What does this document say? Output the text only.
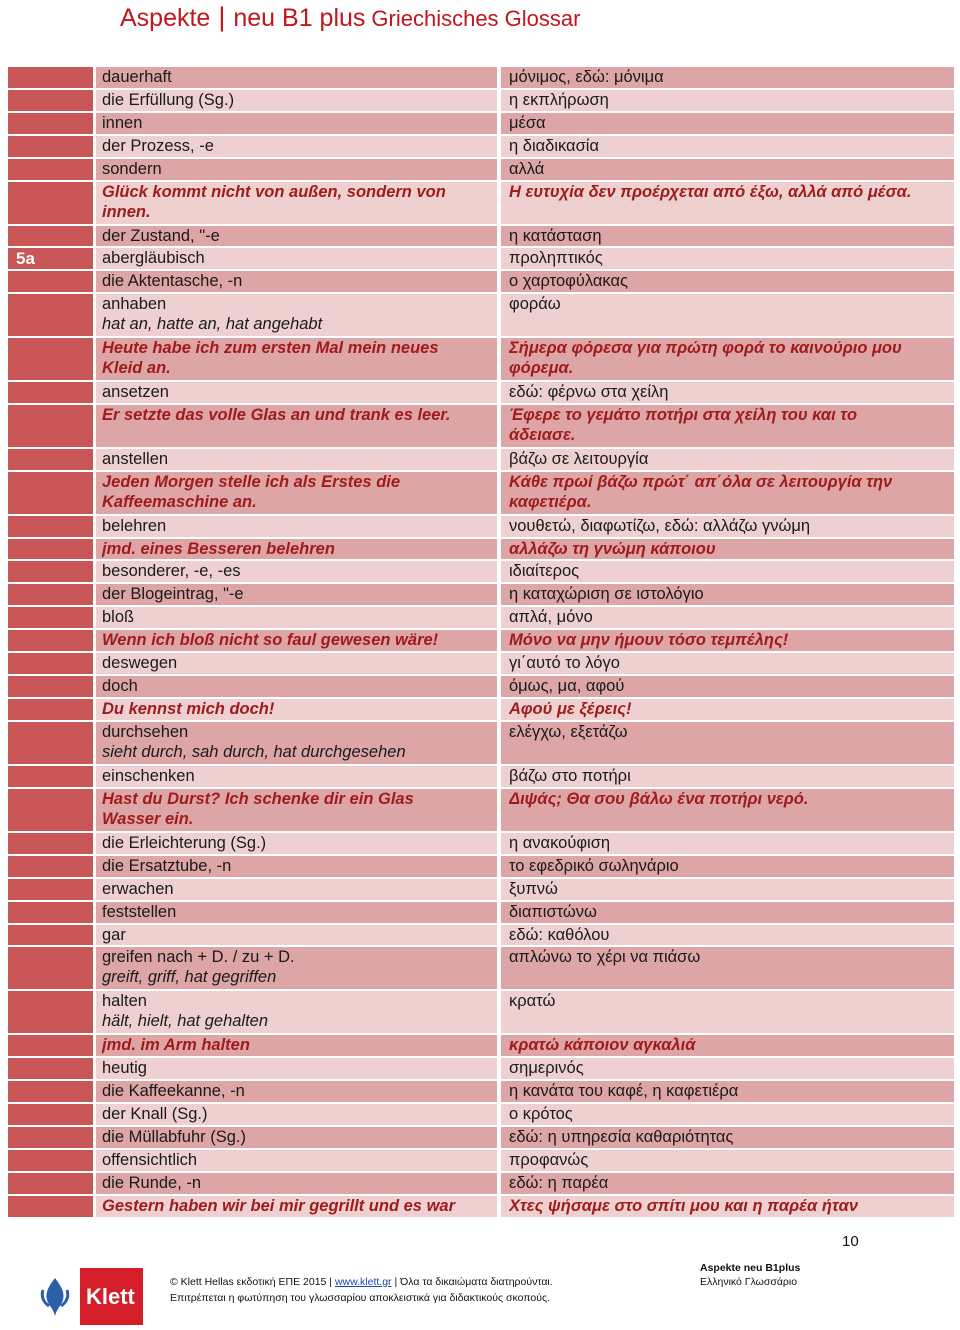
Aspekte | neu B1 plus Griechisches Glossar

	dauerhaft	μόνιμος, εδώ: μόνιμα

	die Erfüllung (Sg.)	η εκπλήρωση

	innen	μέσα

	der Prozess, -e	η διαδικασία

	sondern	αλλά

	Glück kommt nicht von außen, sondern von
innen.	Η ευτυχία δεν προέρχεται από έξω, αλλά από μέσα.

	der Zustand, "-e	η κατάσταση

5a	abergläubisch	προληπτικός

	die Aktentasche, -n	ο χαρτοφύλακας

	anhaben
hat an, hatte an, hat angehabt	φοράω

	Heute habe ich zum ersten Mal mein neues
Kleid an.	Σήμερα φόρεσα για πρώτη φορά το καινούριο μου
φόρεμα.

	ansetzen	εδώ: φέρνω στα χείλη

	Er setzte das volle Glas an und trank es leer.	Έφερε το γεμάτο ποτήρι στα χείλη του και το
άδειασε.

	anstellen	βάζω σε λειτουργία

	Jeden Morgen stelle ich als Erstes die
Kaffeemaschine an.	Κάθε πρωί βάζω πρώτ΄ απ΄όλα σε λειτουργία την
καφετιέρα.

	belehren	νουθετώ, διαφωτίζω, εδώ: αλλάζω γνώμη

	jmd. eines Besseren belehren	αλλάζω τη γνώμη κάποιου

	besonderer, -e, -es	ιδιαίτερος

	der Blogeintrag, "-e	η καταχώριση σε ιστολόγιο

	bloß	απλά, μόνο

	Wenn ich bloß nicht so faul gewesen wäre!	Μόνο να μην ήμουν τόσο τεμπέλης!

	deswegen	γι΄αυτό το λόγο

	doch	όμως, μα, αφού

	Du kennst mich doch!	Αφού με ξέρεις!

	durchsehen
sieht durch, sah durch, hat durchgesehen	ελέγχω, εξετάζω

	einschenken	βάζω στο ποτήρι

	Hast du Durst? Ich schenke dir ein Glas
Wasser ein.	Διψάς; Θα σου βάλω ένα ποτήρι νερό.

	die Erleichterung (Sg.)	η ανακούφιση

	die Ersatztube, -n	το εφεδρικό σωληνάριο

	erwachen	ξυπνώ

	feststellen	διαπιστώνω

	gar	εδώ: καθόλου

	greifen nach + D. / zu + D.
greift, griff, hat gegriffen	απλώνω το χέρι να πιάσω

	halten
hält, hielt, hat gehalten	κρατώ

	jmd. im Arm halten	κρατώ κάποιον αγκαλιά

	heutig	σημερινός

	die Kaffeekanne, -n	η κανάτα του καφέ, η καφετιέρα

	der Knall (Sg.)	ο κρότος

	die Müllabfuhr (Sg.)	εδώ: η υπηρεσία καθαριότητας

	offensichtlich	προφανώς

	die Runde, -n	εδώ: η παρέα

	Gestern haben wir bei mir gegrillt und es war	Χτες ψήσαμε στο σπίτι μου και η παρέα ήταν
10
Klett
© Klett Hellas εκδοτική ΕΠΕ 2015 | www.klett.gr | Όλα τα δικαιώματα διατηρούνται.
Επιτρέπεται η φωτύπηση του γλωσσαρίου αποκλειστικά για διδακτικούς σκοπούς.
Aspekte neu B1plus
Ελληνικό Γλωσσάριο
